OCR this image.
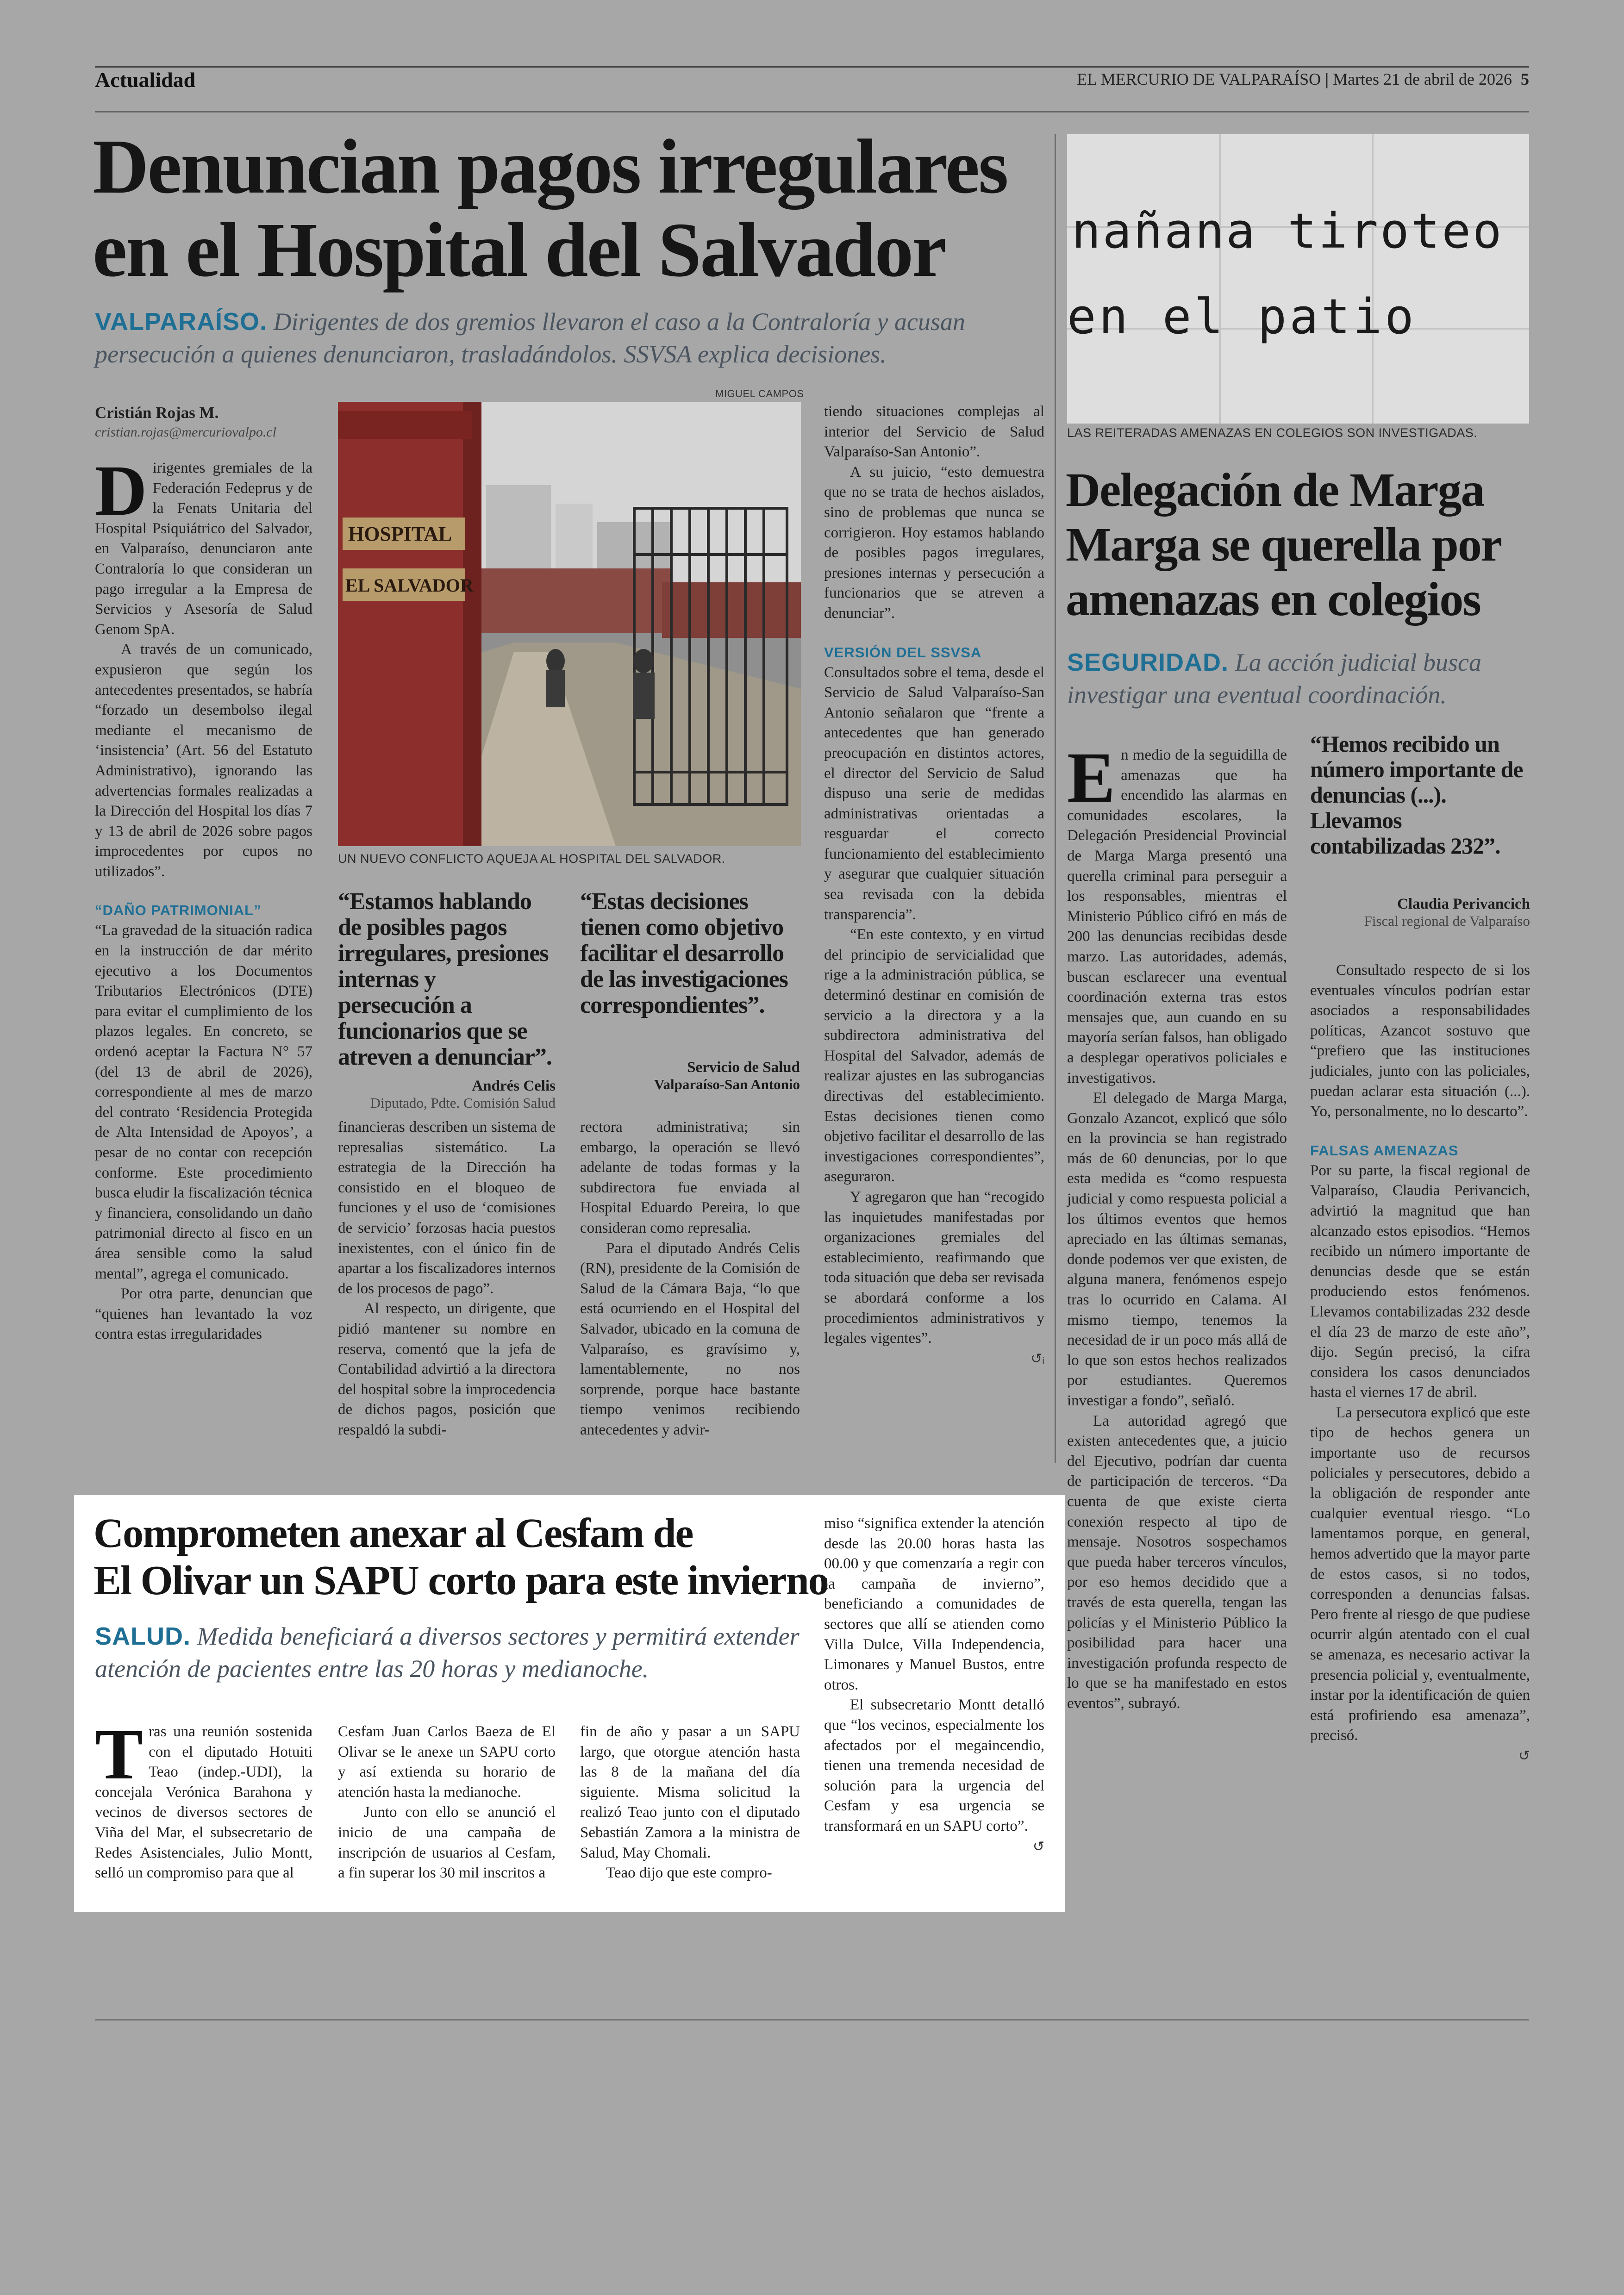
Actualidad	EL MERCURIO DE VALPARAÍSO | Martes 21 de abril de 2026 5
Denuncian pagos irregulares
en el Hospital del Salvador
VALPARAÍSO. Dirigentes de dos gremios llevaron el caso a la Contraloría y acusan persecución a quienes denunciaron, trasladándolos. SSVSA explica decisiones.
Cristián Rojas M.
cristian.rojas@mercuriovalpo.cl

Dirigentes gremiales de la Federación Fedeprus y de la Fenats Unitaria del Hospital Psiquiátrico del Salvador, en Valparaíso, denunciaron ante Contraloría lo que consideran un pago irregular a la Empresa de Servicios y Asesoría de Salud Genom SpA.

A través de un comunicado, expusieron que según los antecedentes presentados, se habría “forzado un desembolso ilegal mediante el mecanismo de ‘insistencia’ (Art. 56 del Estatuto Administrativo), ignorando las advertencias formales realizadas a la Dirección del Hospital los días 7 y 13 de abril de 2026 sobre pagos improcedentes por cupos no utilizados”.

“DAÑO PATRIMONIAL”

“La gravedad de la situación radica en la instrucción de dar mérito ejecutivo a los Documentos Tributarios Electrónicos (DTE) para evitar el cumplimiento de los plazos legales. En concreto, se ordenó aceptar la Factura N° 57 (del 13 de abril de 2026), correspondiente al mes de marzo del contrato ‘Residencia Protegida de Alta Intensidad de Apoyos’, a pesar de no contar con recepción conforme. Este procedimiento busca eludir la fiscalización técnica y financiera, consolidando un daño patrimonial directo al fisco en un área sensible como la salud mental”, agrega el comunicado.

Por otra parte, denuncian que “quienes han levantado la voz contra estas irregularidades

MIGUEL CAMPOS
HOSPITAL
EL SALVADOR
UN NUEVO CONFLICTO AQUEJA AL HOSPITAL DEL SALVADOR.
“Estamos hablando de posibles pagos irregulares, presiones internas y persecución a funcionarios que se atreven a denunciar”.
Andrés Celis
Diputado, Pdte. Comisión Salud
“Estas decisiones tienen como objetivo facilitar el desarrollo de las investigaciones correspondientes”.
Servicio de Salud
Valparaíso-San Antonio

financieras describen un sistema de represalias sistemático. La estrategia de la Dirección ha consistido en el bloqueo de funciones y el uso de ‘comisiones de servicio’ forzosas hacia puestos inexistentes, con el único fin de apartar a los fiscalizadores internos de los procesos de pago”.

Al respecto, un dirigente, que pidió mantener su nombre en reserva, comentó que la jefa de Contabilidad advirtió a la directora del hospital sobre la improcedencia de dichos pagos, posición que respaldó la subdi-

rectora administrativa; sin embargo, la operación se llevó adelante de todas formas y la subdirectora fue enviada al Hospital Eduardo Pereira, lo que consideran como represalia.

Para el diputado Andrés Celis (RN), presidente de la Comisión de Salud de la Cámara Baja, “lo que está ocurriendo en el Hospital del Salvador, ubicado en la comuna de Valparaíso, es gravísimo y, lamentablemente, no nos sorprende, porque hace bastante tiempo venimos recibiendo antecedentes y advir-

tiendo situaciones complejas al interior del Servicio de Salud Valparaíso-San Antonio”.

A su juicio, “esto demuestra que no se trata de hechos aislados, sino de problemas que nunca se corrigieron. Hoy estamos hablando de posibles pagos irregulares, presiones internas y persecución a funcionarios que se atreven a denunciar”.

VERSIÓN DEL SSVSA

Consultados sobre el tema, desde el Servicio de Salud Valparaíso-San Antonio señalaron que “frente a antecedentes que han generado preocupación en distintos actores, el director del Servicio de Salud dispuso una serie de medidas administrativas orientadas a resguardar el correcto funcionamiento del establecimiento y asegurar que cualquier situación sea revisada con la debida transparencia”.

“En este contexto, y en virtud del principio de servicialidad que rige a la administración pública, se determinó destinar en comisión de servicio a la directora y a la subdirectora administrativa del Hospital del Salvador, además de realizar ajustes en las subrogancias directivas del establecimiento. Estas decisiones tienen como objetivo facilitar el desarrollo de las investigaciones correspondientes”, aseguraron.

Y agregaron que han “recogido las inquietudes manifestadas por organizaciones gremiales del establecimiento, reafirmando que toda situación que deba ser revisada se abordará conforme a los procedimientos administrativos y legales vigentes”.

↺ᵢ
nañana tiroteo
en el patio
LAS REITERADAS AMENAZAS EN COLEGIOS SON INVESTIGADAS.
Delegación de Marga
Marga se querella por
amenazas en colegios
SEGURIDAD. La acción judicial busca investigar una eventual coordinación.

En medio de la seguidilla de amenazas que ha encendido las alarmas en comunidades escolares, la Delegación Presidencial Provincial de Marga Marga presentó una querella criminal para perseguir a los responsables, mientras el Ministerio Público cifró en más de 200 las denuncias recibidas desde marzo. Las autoridades, además, buscan esclarecer una eventual coordinación externa tras estos mensajes que, aun cuando en su mayoría serían falsos, han obligado a desplegar operativos policiales e investigativos.

El delegado de Marga Marga, Gonzalo Azancot, explicó que sólo en la provincia se han registrado más de 60 denuncias, por lo que esta medida es “como respuesta judicial y como respuesta policial a los últimos eventos que hemos apreciado en las últimas semanas, donde podemos ver que existen, de alguna manera, fenómenos espejo tras lo ocurrido en Calama. Al mismo tiempo, tenemos la necesidad de ir un poco más allá de lo que son estos hechos realizados por estudiantes. Queremos investigar a fondo”, señaló.

La autoridad agregó que existen antecedentes que, a juicio del Ejecutivo, podrían dar cuenta de participación de terceros. “Da cuenta de que existe cierta conexión respecto al tipo de mensaje. Nosotros sospechamos que pueda haber terceros vínculos, por eso hemos decidido que a través de esta querella, tengan las policías y el Ministerio Público la posibilidad para hacer una investigación profunda respecto de lo que se ha manifestado en estos eventos”, subrayó.

“Hemos recibido un número importante de denuncias (...). Llevamos contabilizadas 232”.
Claudia Perivancich
Fiscal regional de Valparaíso

Consultado respecto de si los eventuales vínculos podrían estar asociados a responsabilidades políticas, Azancot sostuvo que “prefiero que las instituciones judiciales, junto con las policiales, puedan aclarar esta situación (...). Yo, personalmente, no lo descarto”.

FALSAS AMENAZAS

Por su parte, la fiscal regional de Valparaíso, Claudia Perivancich, advirtió la magnitud que han alcanzado estos episodios. “Hemos recibido un número importante de denuncias desde que se están produciendo estos fenómenos. Llevamos contabilizadas 232 desde el día 23 de marzo de este año”, dijo. Según precisó, la cifra considera los casos denunciados hasta el viernes 17 de abril.

La persecutora explicó que este tipo de hechos genera un importante uso de recursos policiales y persecutores, debido a la obligación de responder ante cualquier eventual riesgo. “Lo lamentamos porque, en general, hemos advertido que la mayor parte de estos casos, si no todos, corresponden a denuncias falsas. Pero frente al riesgo de que pudiese ocurrir algún atentado con el cual se amenaza, es necesario activar la presencia policial y, eventualmente, instar por la identificación de quien está profiriendo esa amenaza”, precisó.

↺
Comprometen anexar al Cesfam de
El Olivar un SAPU corto para este invierno
SALUD. Medida beneficiará a diversos sectores y permitirá extender atención de pacientes entre las 20 horas y medianoche.

Tras una reunión sostenida con el diputado Hotuiti Teao (indep.-UDI), la concejala Verónica Barahona y vecinos de diversos sectores de Viña del Mar, el subsecretario de Redes Asistenciales, Julio Montt, selló un compromiso para que al

Cesfam Juan Carlos Baeza de El Olivar se le anexe un SAPU corto y así extienda su horario de atención hasta la medianoche.

Junto con ello se anunció el inicio de una campaña de inscripción de usuarios al Cesfam, a fin superar los 30 mil inscritos a

fin de año y pasar a un SAPU largo, que otorgue atención hasta las 8 de la mañana del día siguiente. Misma solicitud la realizó Teao junto con el diputado Sebastián Zamora a la ministra de Salud, May Chomali.

Teao dijo que este compro-

miso “significa extender la atención desde las 20.00 horas hasta las 00.00 y que comenzaría a regir con la campaña de invierno”, beneficiando a comunidades de sectores que allí se atienden como Villa Dulce, Villa Independencia, Limonares y Manuel Bustos, entre otros.

El subsecretario Montt detalló que “los vecinos, especialmente los afectados por el megaincendio, tienen una tremenda necesidad de solución para la urgencia del Cesfam y esa urgencia se transformará en un SAPU corto”.

↺
